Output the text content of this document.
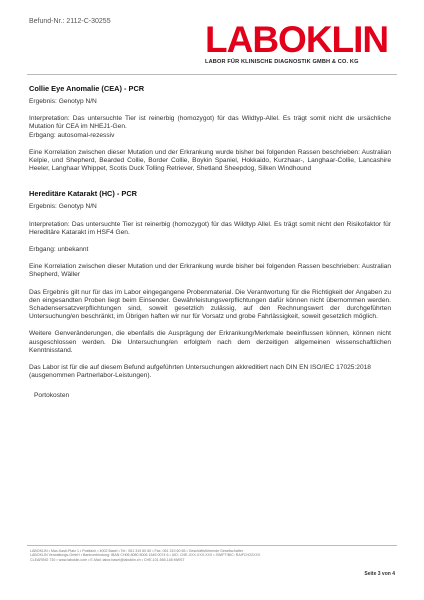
Befund-Nr.: 2112-C-30255	LABOKLIN
LABOR FÜR KLINISCHE DIAGNOSTIK GMBH & CO. KG
Collie Eye Anomalie (CEA) - PCR

Ergebnis: Genotyp N/N

Interpretation: Das untersuchte Tier ist reinerbig (homozygot) für das Wildtyp-Allel. Es trägt somit nicht die ursächliche Mutation für CEA im NHEJ1-Gen.

Erbgang: autosomal-rezessiv

Eine Korrelation zwischen dieser Mutation und der Erkrankung wurde bisher bei folgenden Rassen beschrieben: Australian Kelpie, und Shepherd, Bearded Collie, Border Collie, Boykin Spaniel, Hokkaido, Kurzhaar-, Langhaar-Collie, Lancashire Heeler, Langhaar Whippet, Scotis Duck Tolling Retriever, Shetland Sheepdog, Silken Windhound

Hereditäre Katarakt (HC) - PCR

Ergebnis: Genotyp N/N

Interpretation: Das untersuchte Tier ist reinerbig (homozygot) für das Wildtyp Allel. Es trägt somit nicht den Risikofaktor für Hereditäre Katarakt im HSF4 Gen.

Erbgang: unbekannt

Eine Korrelation zwischen dieser Mutation und der Erkrankung wurde bisher bei folgenden Rassen beschrieben: Australian Shepherd, Wäller

Das Ergebnis gilt nur für das im Labor eingegangene Probenmaterial. Die Verantwortung für die Richtigkeit der Angaben zu den eingesandten Proben liegt beim Einsender. Gewährleistungsverpflichtungen dafür können nicht übernommen werden. Schadensersatzverpflichtungen sind, soweit gesetzlich zulässig, auf den Rechnungswert der durchgeführten Untersuchung/en beschränkt, im Übrigen haften wir nur für Vorsatz und grobe Fahrlässigkeit, soweit gesetzlich möglich.

Weitere Genveränderungen, die ebenfalls die Ausprägung der Erkrankung/Merkmale beeinflussen können, können nicht ausgeschlossen werden. Die Untersuchung/en erfolgte/n nach dem derzeitigen allgemeinen wissenschaftlichen Kenntnisstand.

Das Labor ist für die auf diesem Befund aufgeführten Untersuchungen akkreditiert nach DIN EN ISO/IEC 17025:2018

(ausgenommen Partnerlabor-Leistungen).

Portokosten

LABOKLIN • Max-Kastl-Platz 1 • Postfach • 4002 Basel • Tel.: 061 319 60 60 • Fax: 061 319 60 65 • Geschäftsführende Gesellschafter
LABOKLIN Verwaltungs-GmbH • Bankverbindung: IBAN CH06 8080 8006 1545 0074 6 • UID: CHE-XXX.XXX.XXX • SWIFT/BIC: RAIFCH22XXX
CLEARING 730 • www.laboklin.com • E-Mail: labor.basel@laboklin.ch • CHE-101.565.148 MWST
Seite 3 von 4
